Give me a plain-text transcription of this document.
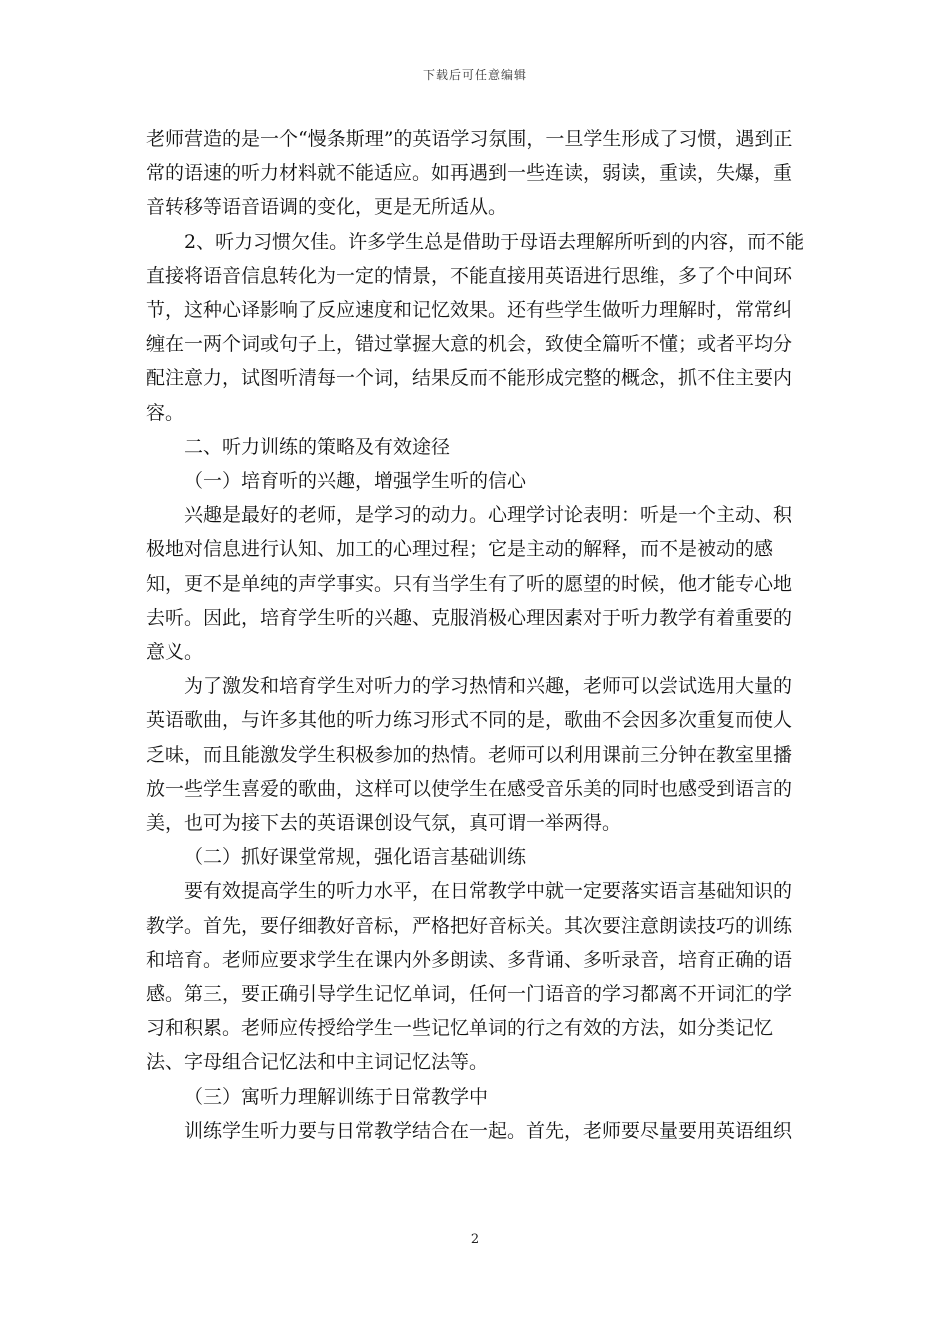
下载后可任意编辑

老师营造的是一个“慢条斯理”的英语学习氛围，一旦学生形成了习惯，遇到正常的语速的听力材料就不能适应。如再遇到一些连读，弱读，重读，失爆，重音转移等语音语调的变化，更是无所适从。

2、听力习惯欠佳。许多学生总是借助于母语去理解所听到的内容，而不能直接将语音信息转化为一定的情景，不能直接用英语进行思维，多了个中间环节，这种心译影响了反应速度和记忆效果。还有些学生做听力理解时，常常纠缠在一两个词或句子上，错过掌握大意的机会，致使全篇听不懂；或者平均分配注意力，试图听清每一个词，结果反而不能形成完整的概念，抓不住主要内容。

二、听力训练的策略及有效途径

（一）培育听的兴趣，增强学生听的信心

兴趣是最好的老师，是学习的动力。心理学讨论表明：听是一个主动、积极地对信息进行认知、加工的心理过程；它是主动的解释，而不是被动的感知，更不是单纯的声学事实。只有当学生有了听的愿望的时候，他才能专心地去听。因此，培育学生听的兴趣、克服消极心理因素对于听力教学有着重要的意义。

为了激发和培育学生对听力的学习热情和兴趣，老师可以尝试选用大量的英语歌曲，与许多其他的听力练习形式不同的是，歌曲不会因多次重复而使人乏味，而且能激发学生积极参加的热情。老师可以利用课前三分钟在教室里播放一些学生喜爱的歌曲，这样可以使学生在感受音乐美的同时也感受到语言的美，也可为接下去的英语课创设气氛，真可谓一举两得。

（二）抓好课堂常规，强化语言基础训练

要有效提高学生的听力水平，在日常教学中就一定要落实语言基础知识的教学。首先，要仔细教好音标，严格把好音标关。其次要注意朗读技巧的训练和培育。老师应要求学生在课内外多朗读、多背诵、多听录音，培育正确的语感。第三，要正确引导学生记忆单词，任何一门语音的学习都离不开词汇的学习和积累。老师应传授给学生一些记忆单词的行之有效的方法，如分类记忆法、字母组合记忆法和中主词记忆法等。

（三）寓听力理解训练于日常教学中

训练学生听力要与日常教学结合在一起。首先，老师要尽量要用英语组织

2
